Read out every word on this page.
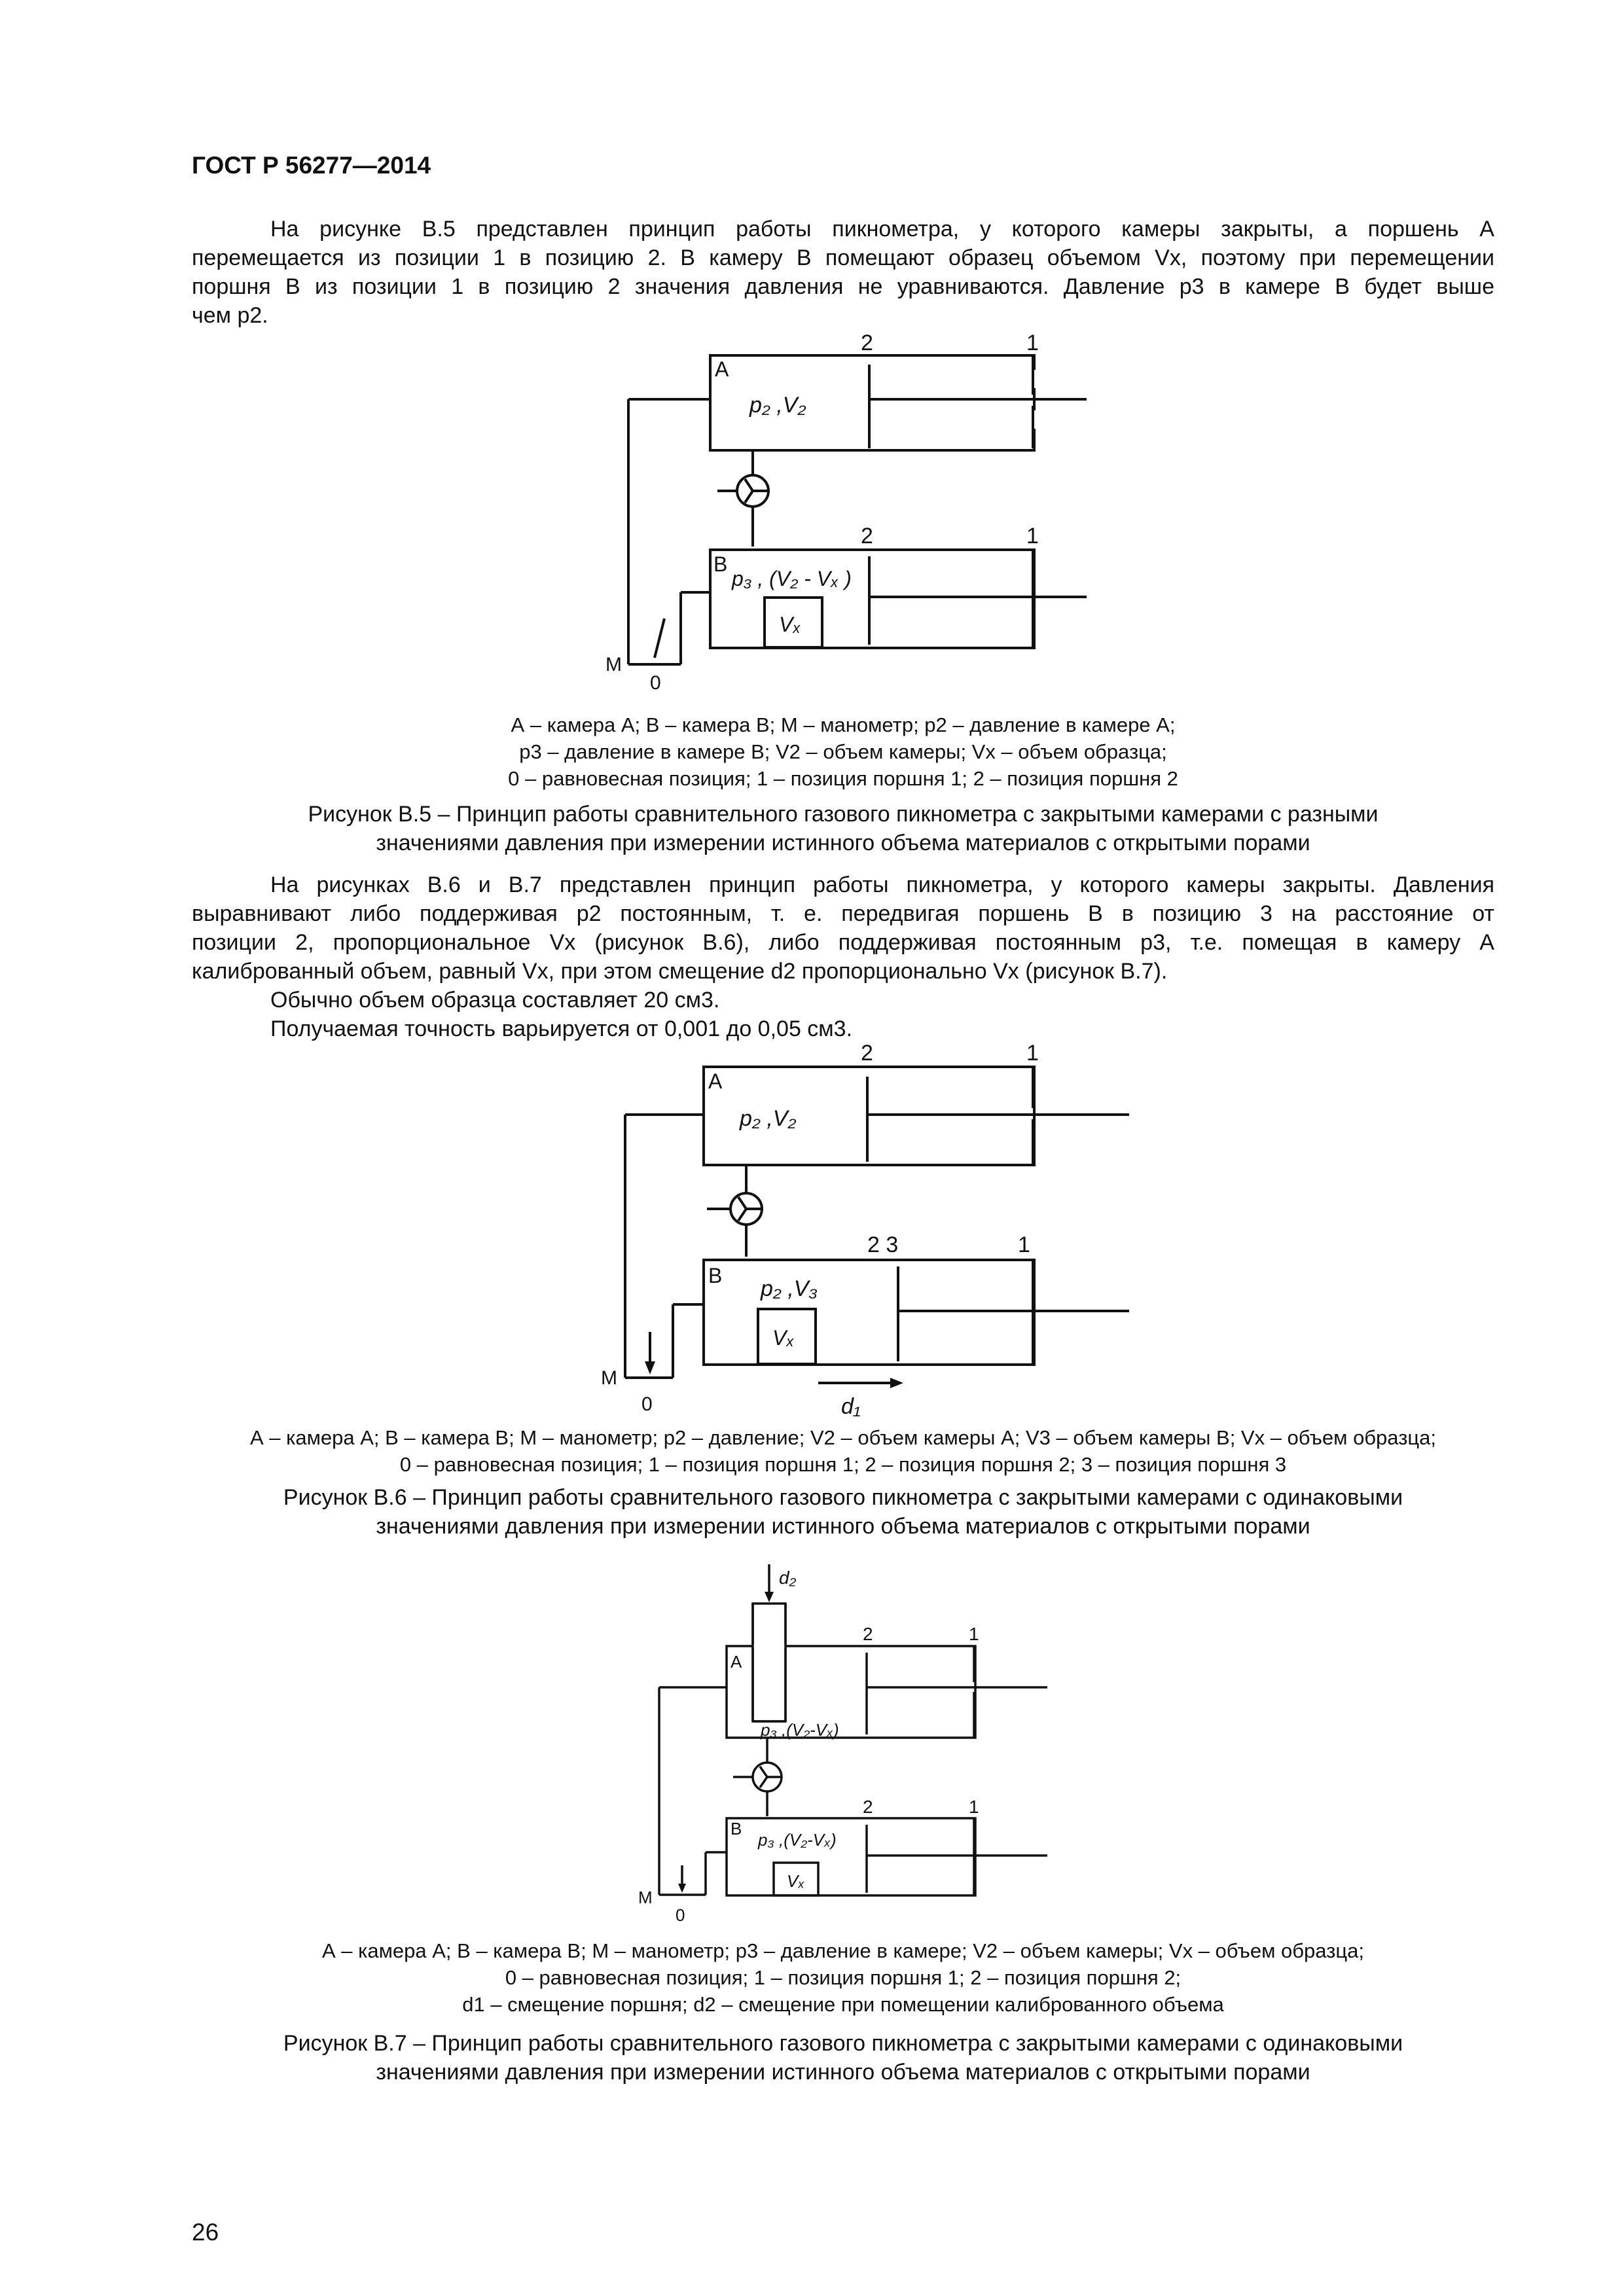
ГОСТ Р 56277—2014
На рисунке В.5 представлен принцип работы пикнометра, у которого камеры закрыты, а поршень А
перемещается из позиции 1 в позицию 2. В камеру В помещают образец объемом Vx, поэтому при перемещении
поршня В из позиции 1 в позицию 2 значения давления не уравниваются. Давление p3 в камере В будет выше
чем p2.
2	1
А
p₂ ,V₂
2	1
В
p₃ , (V₂ - Vₓ )
Vₓ
М
0
А – камера А; В – камера В; М – манометр; p2 – давление в камере А;
p3 – давление в камере В; V2 – объем камеры; Vx – объем образца;
0 – равновесная позиция; 1 – позиция поршня 1; 2 – позиция поршня 2
Рисунок В.5 – Принцип работы сравнительного газового пикнометра с закрытыми камерами с разными
значениями давления при измерении истинного объема материалов с открытыми порами
На рисунках В.6 и В.7 представлен принцип работы пикнометра, у которого камеры закрыты. Давления
выравнивают либо поддерживая p2 постоянным, т. е. передвигая поршень В в позицию 3 на расстояние от
позиции 2, пропорциональное Vx (рисунок В.6), либо поддерживая постоянным p3, т.е. помещая в камеру А
калиброванный объем, равный Vx, при этом смещение d2 пропорционально Vx (рисунок В.7).
Обычно объем образца составляет 20 см3.
Получаемая точность варьируется от 0,001 до 0,05 см3.
2	1
А
p₂ ,V₂
2 3	1
В
p₂ ,V₃
Vₓ
М
0	d₁
А – камера А; В – камера В; М – манометр; p2 – давление; V2 – объем камеры А; V3 – объем камеры В; Vx – объем образца;
0 – равновесная позиция; 1 – позиция поршня 1; 2 – позиция поршня 2; 3 – позиция поршня 3
Рисунок В.6 – Принцип работы сравнительного газового пикнометра с закрытыми камерами с одинаковыми
значениями давления при измерении истинного объема материалов с открытыми порами
d₂
2	1
А
p₃ ,(V₂-Vₓ)
2	1
В
p₃ ,(V₂-Vₓ)
Vₓ
М
0
А – камера А; В – камера В; М – манометр; p3 – давление в камере; V2 – объем камеры; Vx – объем образца;
0 – равновесная позиция; 1 – позиция поршня 1; 2 – позиция поршня 2;
d1 – смещение поршня; d2 – смещение при помещении калиброванного объема
Рисунок В.7 – Принцип работы сравнительного газового пикнометра с закрытыми камерами с одинаковыми
значениями давления при измерении истинного объема материалов с открытыми порами
26
